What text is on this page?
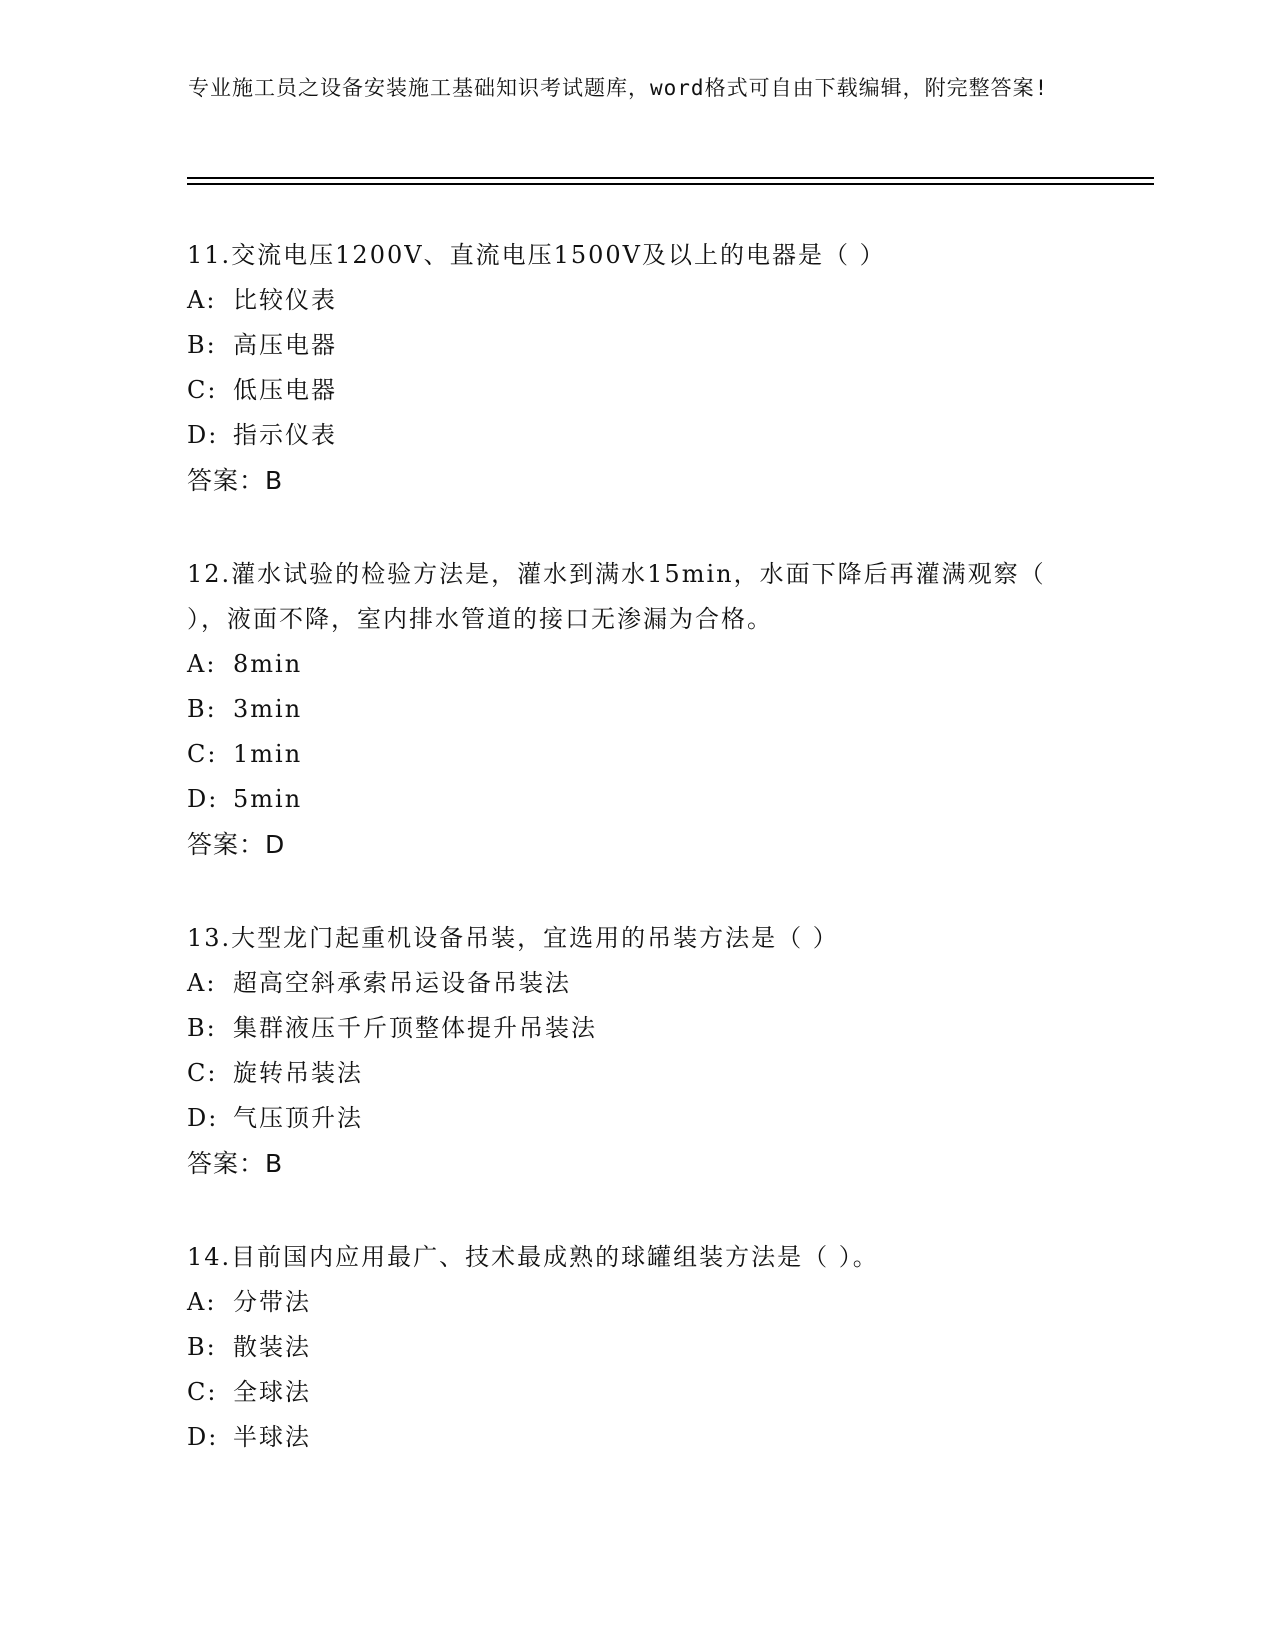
专业施工员之设备安装施工基础知识考试题库，word格式可自由下载编辑，附完整答案!
11.交流电压1200V、直流电压1500V及以上的电器是（ ）
A: 比较仪表
B: 高压电器
C: 低压电器
D: 指示仪表
答案：B
12.灌水试验的检验方法是，灌水到满水15min，水面下降后再灌满观察（ ），液面不降，室内排水管道的接口无渗漏为合格。
A: 8min
B: 3min
C: 1min
D: 5min
答案：D
13.大型龙门起重机设备吊装，宜选用的吊装方法是（ ）
A: 超高空斜承索吊运设备吊装法
B: 集群液压千斤顶整体提升吊装法
C: 旋转吊装法
D: 气压顶升法
答案：B
14.目前国内应用最广、技术最成熟的球罐组装方法是（ ）。
A: 分带法
B: 散装法
C: 全球法
D: 半球法
